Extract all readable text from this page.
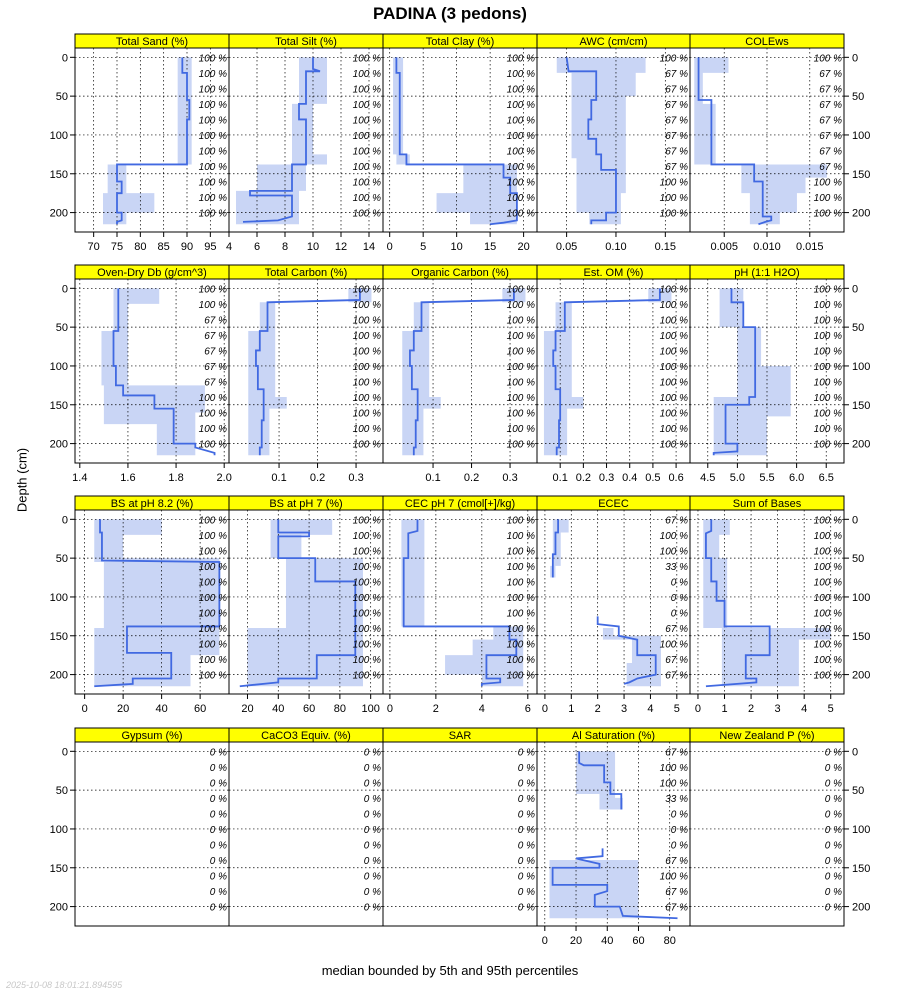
PADINA (3 pedons)
Depth (cm)
median bounded by 5th and 95th percentiles
2025-10-08 18:01:21.894595
Total Sand (%)
100 %
100 %
100 %
100 %
100 %
100 %
100 %
100 %
100 %
100 %
100 %
70 75 80 85 90 95
0
50
100
150
200
Total Silt (%)
100 %
100 %
100 %
100 %
100 %
100 %
100 %
100 %
100 %
100 %
100 %
4 6 8 10 12 14
Total Clay (%)
100 %
100 %
100 %
100 %
100 %
100 %
100 %
100 %
100 %
100 %
100 %
0 5 10 15 20
AWC (cm/cm)
100 %
67 %
67 %
67 %
67 %
67 %
67 %
67 %
100 %
100 %
100 %
0.05	0.10	0.15
COLEws
100 %
67 %
67 %
67 %
67 %
67 %
67 %
67 %
100 %
100 %
100 %
0.005 0.010 0.015
0
50
100
150
200
Oven-Dry Db (g/cm^3)
100 %
100 %
67 %
67 %
67 %
67 %
67 %
100 %
100 %
100 %
100 %
1.4	1.6	1.8	2.0
0
50
100
150
200
Total Carbon (%)
100 %
100 %
100 %
100 %
100 %
100 %
100 %
100 %
100 %
100 %
100 %
0.1 0.2 0.3
Organic Carbon (%)
100 %
100 %
100 %
100 %
100 %
100 %
100 %
100 %
100 %
100 %
100 %
0.1 0.2 0.3
Est. OM (%)
100 %
100 %
100 %
100 %
100 %
100 %
100 %
100 %
100 %
100 %
100 %
0.1 0.2 0.3 0.4 0.5 0.6
pH (1:1 H2O)
100 %
100 %
100 %
100 %
100 %
100 %
100 %
100 %
100 %
100 %
100 %
4.5 5.0 5.5 6.0 6.5
0
50
100
150
200
BS at pH 8.2 (%)
100 %
100 %
100 %
100 %
100 %
100 %
100 %
100 %
100 %
100 %
100 %
0	20 40 60
0
50
100
150
200
BS at pH 7 (%)
100 %
100 %
100 %
100 %
100 %
100 %
100 %
100 %
100 %
100 %
100 %
20 40 60 80 100
CEC pH 7 (cmol[+]/kg)
100 %
100 %
100 %
100 %
100 %
100 %
100 %
100 %
100 %
100 %
100 %
0	2	4	6
ECEC
67 %
100 %
100 %
33 %
0 %
0 %
0 %
67 %
100 %
67 %
67 %
0 1 2 3 4 5
Sum of Bases
100 %
100 %
100 %
100 %
100 %
100 %
100 %
100 %
100 %
100 %
100 %
0 1 2 3 4 5
0
50
100
150
200
Gypsum (%)
0 %
0 %
0 %
0 %
0 %
0 %
0 %
0 %
0 %
0 %
0 %
0
50
100
150
200
CaCO3 Equiv. (%)
0 %
0 %
0 %
0 %
0 %
0 %
0 %
0 %
0 %
0 %
0 %
SAR
0 %
0 %
0 %
0 %
0 %
0 %
0 %
0 %
0 %
0 %
0 %
Al Saturation (%)
67 %
100 %
100 %
33 %
0 %
0 %
0 %
67 %
100 %
67 %
67 %
0 20 40 60 80
New Zealand P (%)
0 %
0 %
0 %
0 %
0 %
0 %
0 %
0 %
0 %
0 %
0 %
0
50
100
150
200
